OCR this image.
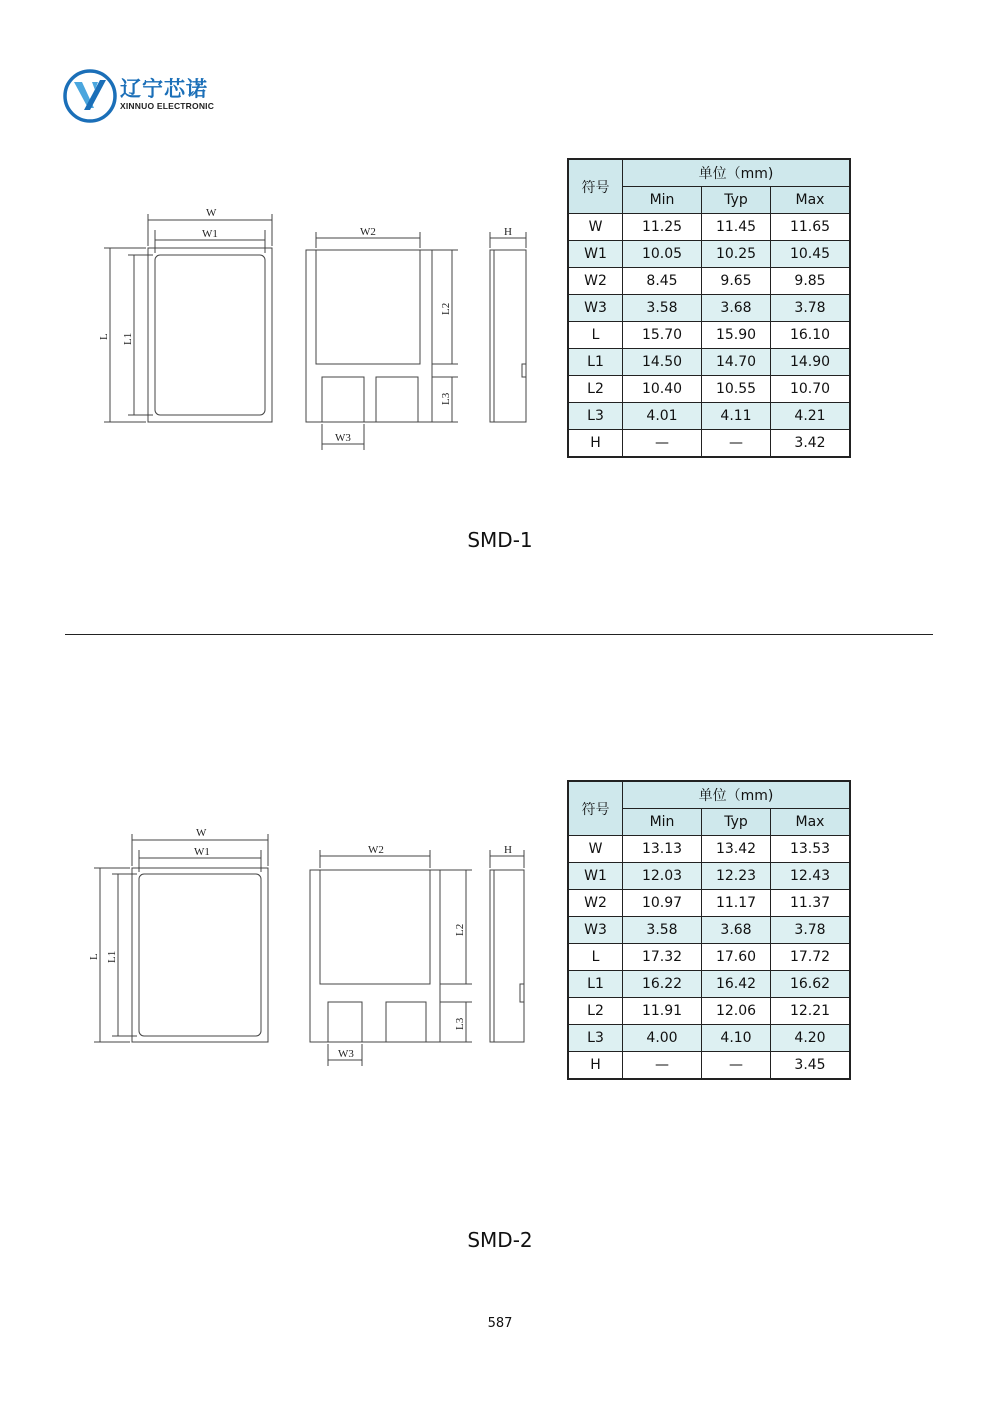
辽宁芯诺
XINNUO ELECTRONIC
W
W1
L L1
W2
L2
L3
W3
H
符号	单位（mm)		
	Min	Typ	Max
W	11.25	11.45	11.65
W1	10.05	10.25	10.45
W2	8.45	9.65	9.85
W3	3.58	3.68	3.78
L	15.70	15.90	16.10
L1	14.50	14.70	14.90
L2	10.40	10.55	10.70
L3	4.01	4.11	4.21
H	—	—	3.42
SMD-1
W
W1
L L1
W2
L2
L3
W3
H
符号	单位（mm)		
	Min	Typ	Max
W	13.13	13.42	13.53
W1	12.03	12.23	12.43
W2	10.97	11.17	11.37
W3	3.58	3.68	3.78
L	17.32	17.60	17.72
L1	16.22	16.42	16.62
L2	11.91	12.06	12.21
L3	4.00	4.10	4.20
H	—	—	3.45
SMD-2
587
